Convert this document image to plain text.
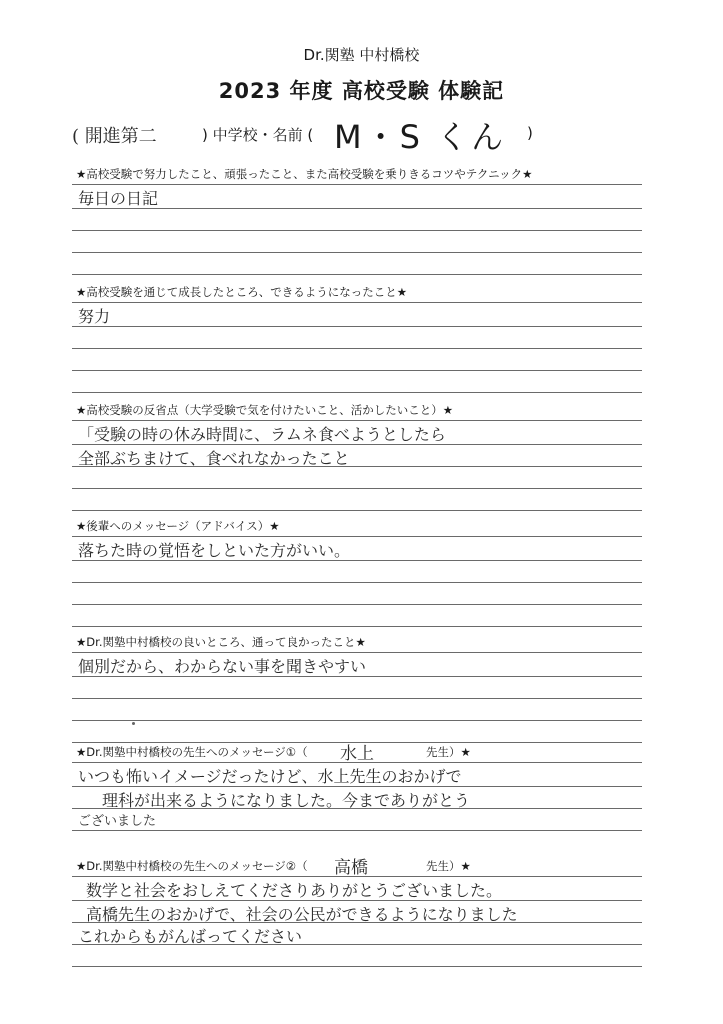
Dr.関塾 中村橋校
2023 年度 高校受験 体験記
( 開進第二	) 中学校・名前 ( M・S くん )
★高校受験で努力したこと、頑張ったこと、また高校受験を乗りきるコツやテクニック★
毎日の日記
★高校受験を通じて成長したところ、できるようになったこと★
努力
★高校受験の反省点（大学受験で気を付けたいこと、活かしたいこと）★
「受験の時の休み時間に、ラムネ食べようとしたら
全部ぶちまけて、食べれなかったこと
★後輩へのメッセージ（アドバイス）★
落ちた時の覚悟をしといた方がいい。
★Dr.関塾中村橋校の良いところ、通って良かったこと★
個別だから、わからない事を聞きやすい
★Dr.関塾中村橋校の先生へのメッセージ①（ 水上	先生）★
いつも怖いイメージだったけど、水上先生のおかげで
理科が出来るようになりました。今までありがとう
ございました
★Dr.関塾中村橋校の先生へのメッセージ②（ 高橋	先生）★
数学と社会をおしえてくださりありがとうございました。
高橋先生のおかげで、社会の公民ができるようになりました
これからもがんばってください
